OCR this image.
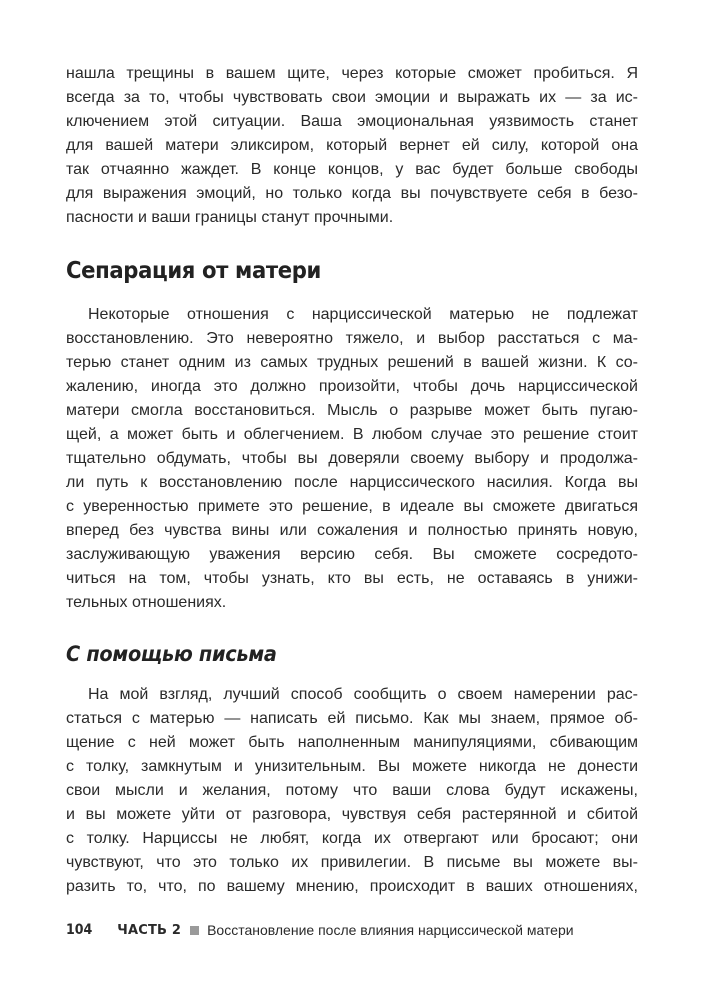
нашла трещины в вашем щите, через которые сможет пробиться. Я
всегда за то, чтобы чувствовать свои эмоции и выражать их — за ис-
ключением этой ситуации. Ваша эмоциональная уязвимость станет
для вашей матери эликсиром, который вернет ей силу, которой она
так отчаянно жаждет. В конце концов, у вас будет больше свободы
для выражения эмоций, но только когда вы почувствуете себя в безо-
пасности и ваши границы станут прочными.
Сепарация от матери
Некоторые отношения с нарциссической матерью не подлежат
восстановлению. Это невероятно тяжело, и выбор расстаться с ма-
терью станет одним из самых трудных решений в вашей жизни. К со-
жалению, иногда это должно произойти, чтобы дочь нарциссической
матери смогла восстановиться. Мысль о разрыве может быть пугаю-
щей, а может быть и облегчением. В любом случае это решение стоит
тщательно обдумать, чтобы вы доверяли своему выбору и продолжа-
ли путь к восстановлению после нарциссического насилия. Когда вы
с уверенностью примете это решение, в идеале вы сможете двигаться
вперед без чувства вины или сожаления и полностью принять новую,
заслуживающую уважения версию себя. Вы сможете сосредото-
читься на том, чтобы узнать, кто вы есть, не оставаясь в унижи-
тельных отношениях.
С помощью письма
На мой взгляд, лучший способ сообщить о своем намерении рас-
статься с матерью — написать ей письмо. Как мы знаем, прямое об-
щение с ней может быть наполненным манипуляциями, сбивающим
с толку, замкнутым и унизительным. Вы можете никогда не донести
свои мысли и желания, потому что ваши слова будут искажены,
и вы можете уйти от разговора, чувствуя себя растерянной и сбитой
с толку. Нарциссы не любят, когда их отвергают или бросают; они
чувствуют, что это только их привилегии. В письме вы можете вы-
разить то, что, по вашему мнению, происходит в ваших отношениях,
104 ЧАСТЬ 2 Восстановление после влияния нарциссической матери
